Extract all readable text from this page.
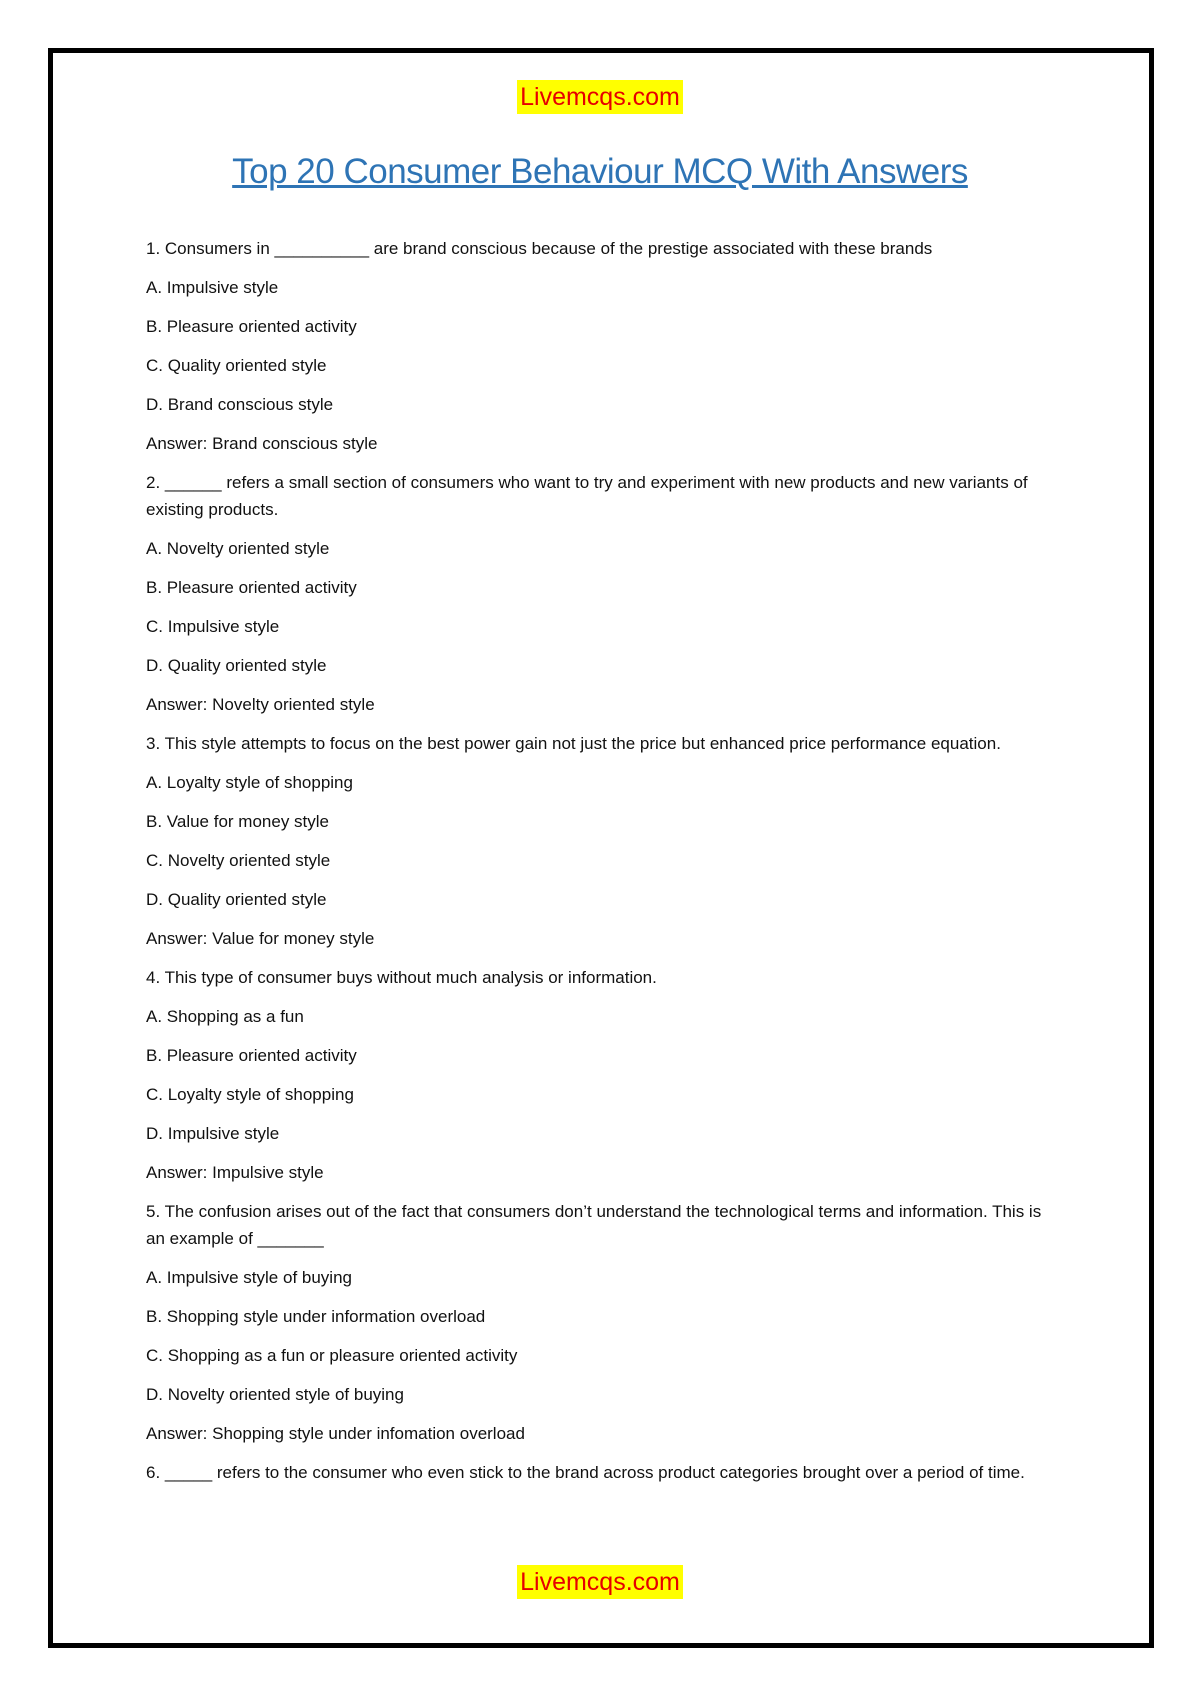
Livemcqs.com
Top 20 Consumer Behaviour MCQ With Answers
1. Consumers in __________ are brand conscious because of the prestige associated with these brands
A. Impulsive style
B. Pleasure oriented activity
C. Quality oriented style
D. Brand conscious style
Answer: Brand conscious style
2. ______ refers a small section of consumers who want to try and experiment with new products and new variants of existing products.
A. Novelty oriented style
B. Pleasure oriented activity
C. Impulsive style
D. Quality oriented style
Answer: Novelty oriented style
3. This style attempts to focus on the best power gain not just the price but enhanced price performance equation.
A. Loyalty style of shopping
B. Value for money style
C. Novelty oriented style
D. Quality oriented style
Answer: Value for money style
4. This type of consumer buys without much analysis or information.
A. Shopping as a fun
B. Pleasure oriented activity
C. Loyalty style of shopping
D. Impulsive style
Answer: Impulsive style
5. The confusion arises out of the fact that consumers don’t understand the technological terms and information. This is an example of _______
A. Impulsive style of buying
B. Shopping style under information overload
C. Shopping as a fun or pleasure oriented activity
D. Novelty oriented style of buying
Answer: Shopping style under infomation overload
6. _____ refers to the consumer who even stick to the brand across product categories brought over a period of time.
Livemcqs.com
